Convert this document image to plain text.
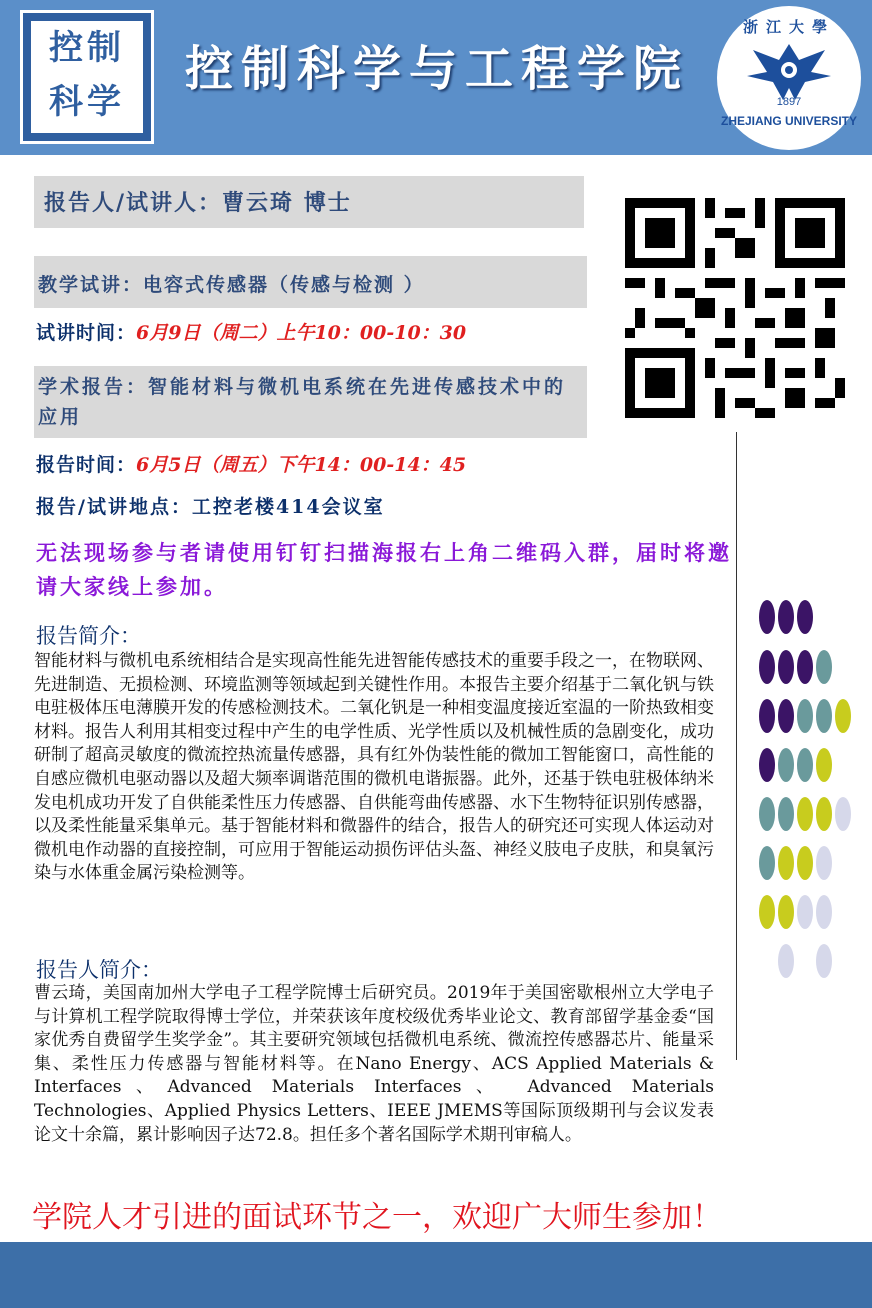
控制科学
控制科学与工程学院
浙江大學
1897
ZHEJIANG UNIVERSITY
报告人/试讲人：曹云琦 博士
教学试讲：电容式传感器（传感与检测 ）
试讲时间：6月9日（周二）上午10：00-10：30
学术报告：智能材料与微机电系统在先进传感技术中的应用
报告时间：6月5日（周五）下午14：00-14：45
报告/试讲地点：工控老楼414会议室
无法现场参与者请使用钉钉扫描海报右上角二维码入群，届时将邀请大家线上参加。
报告简介：
智能材料与微机电系统相结合是实现高性能先进智能传感技术的重要手段之一，在物联网、先进制造、无损检测、环境监测等领域起到关键性作用。本报告主要介绍基于二氧化钒与铁电驻极体压电薄膜开发的传感检测技术。二氧化钒是一种相变温度接近室温的一阶热致相变材料。报告人利用其相变过程中产生的电学性质、光学性质以及机械性质的急剧变化，成功研制了超高灵敏度的微流控热流量传感器，具有红外伪装性能的微加工智能窗口，高性能的自感应微机电驱动器以及超大频率调谐范围的微机电谐振器。此外，还基于铁电驻极体纳米发电机成功开发了自供能柔性压力传感器、自供能弯曲传感器、水下生物特征识别传感器，以及柔性能量采集单元。基于智能材料和微器件的结合，报告人的研究还可实现人体运动对微机电作动器的直接控制，可应用于智能运动损伤评估头盔、神经义肢电子皮肤，和臭氧污染与水体重金属污染检测等。
报告人简介：
曹云琦，美国南加州大学电子工程学院博士后研究员。2019年于美国密歇根州立大学电子与计算机工程学院取得博士学位，并荣获该年度校级优秀毕业论文、教育部留学基金委“国家优秀自费留学生奖学金”。其主要研究领域包括微机电系统、微流控传感器芯片、能量采集、柔性压力传感器与智能材料等。在Nano Energy、ACS Applied Materials & Interfaces、Advanced Materials Interfaces、 Advanced Materials Technologies、Applied Physics Letters、IEEE JMEMS等国际顶级期刊与会议发表论文十余篇，累计影响因子达72.8。担任多个著名国际学术期刊审稿人。
学院人才引进的面试环节之一，欢迎广大师生参加！
